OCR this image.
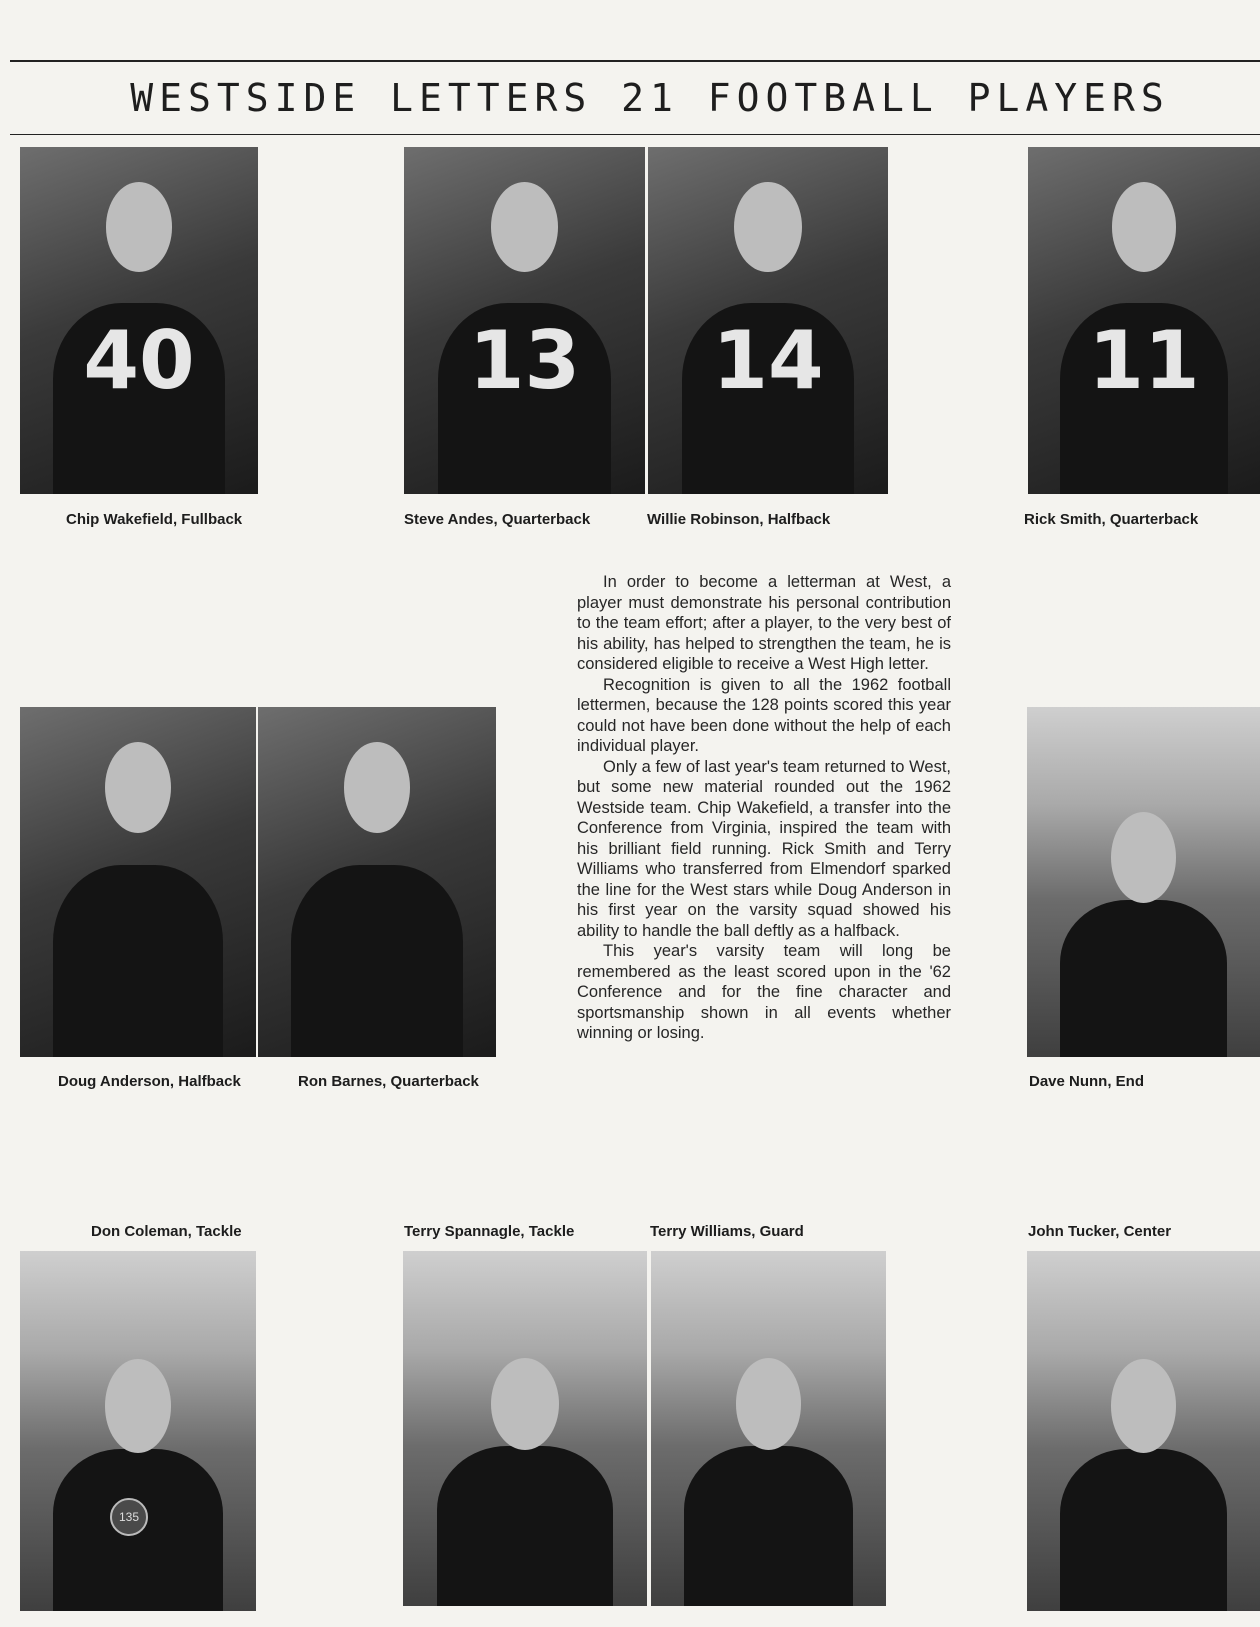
WESTSIDE LETTERS 21 FOOTBALL PLAYERS
40	13	14	11
Chip Wakefield, Fullback	Steve Andes, Quarterback	Willie Robinson, Halfback	Rick Smith, Quarterback
Doug Anderson, Halfback	Ron Barnes, Quarterback	Dave Nunn, End

In order to become a letterman at West, a player must demonstrate his personal contribution to the team effort; after a player, to the very best of his ability, has helped to strengthen the team, he is considered eligible to receive a West High letter.

Recognition is given to all the 1962 football lettermen, because the 128 points scored this year could not have been done without the help of each individual player.

Only a few of last year's team returned to West, but some new material rounded out the 1962 Westside team. Chip Wakefield, a transfer into the Conference from Virginia, inspired the team with his brilliant field running. Rick Smith and Terry Williams who transferred from Elmendorf sparked the line for the West stars while Doug Anderson in his first year on the varsity squad showed his ability to handle the ball deftly as a halfback.

This year's varsity team will long be remembered as the least scored upon in the '62 Conference and for the fine character and sportsmanship shown in all events whether winning or losing.

Don Coleman, Tackle	Terry Spannagle, Tackle	Terry Williams, Guard	John Tucker, Center
135
